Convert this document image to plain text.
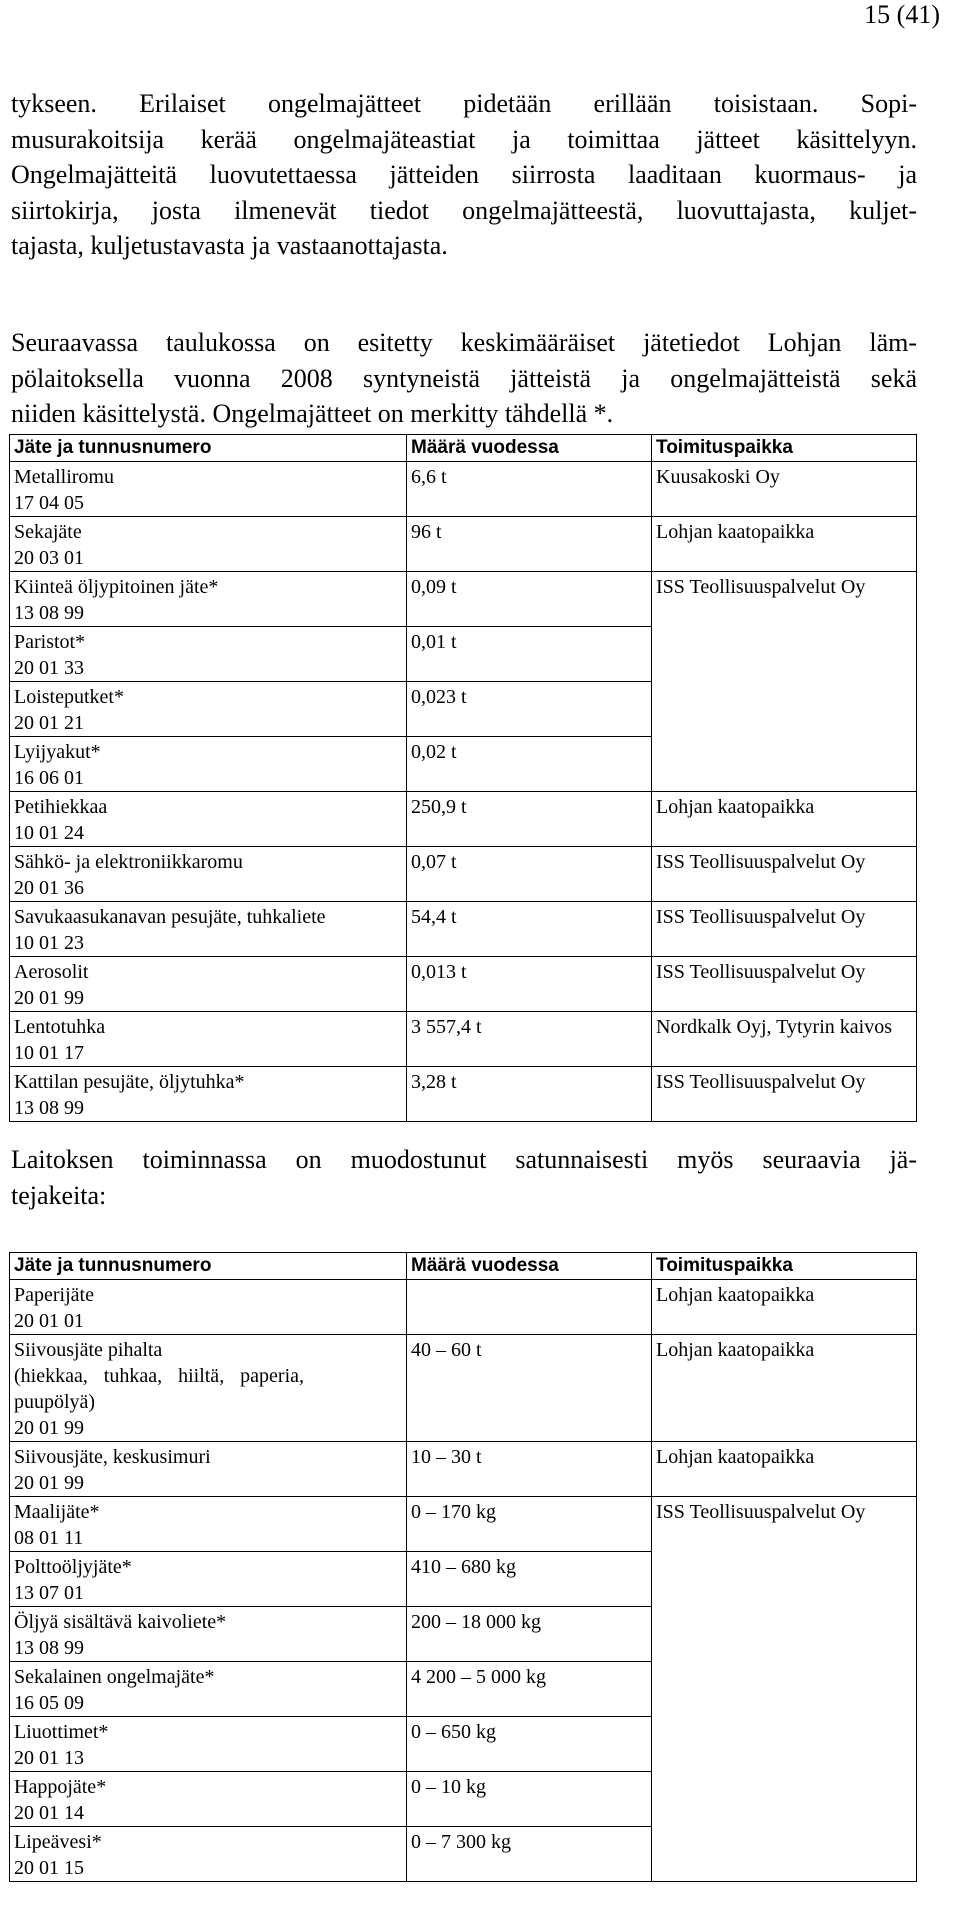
15 (41)
tykseen. Erilaiset ongelmajätteet pidetään erillään toisistaan. Sopi-
musurakoitsija kerää ongelmajäteastiat ja toimittaa jätteet käsittelyyn.
Ongelmajätteitä luovutettaessa jätteiden siirrosta laaditaan kuormaus- ja
siirtokirja, josta ilmenevät tiedot ongelmajätteestä, luovuttajasta, kuljet-
tajasta, kuljetustavasta ja vastaanottajasta.
Seuraavassa taulukossa on esitetty keskimääräiset jätetiedot Lohjan läm-
pölaitoksella vuonna 2008 syntyneistä jätteistä ja ongelmajätteistä sekä
niiden käsittelystä. Ongelmajätteet on merkitty tähdellä *.
Jäte ja tunnusnumero	Määrä vuodessa	Toimituspaikka

Metalliromu
17 04 05	6,6 t	Kuusakoski Oy

Sekajäte
20 03 01	96 t	Lohjan kaatopaikka

Kiinteä öljypitoinen jäte*
13 08 99	0,09 t	ISS Teollisuuspalvelut Oy

Paristot*
20 01 33	0,01 t	

Loisteputket*
20 01 21	0,023 t	

Lyijyakut*
16 06 01	0,02 t	

Petihiekkaa
10 01 24	250,9 t	Lohjan kaatopaikka

Sähkö- ja elektroniikkaromu
20 01 36	0,07 t	ISS Teollisuuspalvelut Oy

Savukaasukanavan pesujäte, tuhkaliete
10 01 23	54,4 t	ISS Teollisuuspalvelut Oy

Aerosolit
20 01 99	0,013 t	ISS Teollisuuspalvelut Oy

Lentotuhka
10 01 17	3 557,4 t	Nordkalk Oyj, Tytyrin kaivos

Kattilan pesujäte, öljytuhka*
13 08 99	3,28 t	ISS Teollisuuspalvelut Oy
Laitoksen toiminnassa on muodostunut satunnaisesti myös seuraavia jä-
tejakeita:
Jäte ja tunnusnumero	Määrä vuodessa	Toimituspaikka

Paperijäte
20 01 01		Lohjan kaatopaikka

Siivousjäte pihalta
(hiekkaa, tuhkaa, hiiltä, paperia, puupölyä)
20 01 99	40 – 60 t	Lohjan kaatopaikka

Siivousjäte, keskusimuri
20 01 99	10 – 30 t	Lohjan kaatopaikka

Maalijäte*
08 01 11	0 – 170 kg	ISS Teollisuuspalvelut Oy

Polttoöljyjäte*
13 07 01	410 – 680 kg	

Öljyä sisältävä kaivoliete*
13 08 99	200 – 18 000 kg	

Sekalainen ongelmajäte*
16 05 09	4 200 – 5 000 kg	

Liuottimet*
20 01 13	0 – 650 kg	

Happojäte*
20 01 14	0 – 10 kg	

Lipeävesi*
20 01 15	0 – 7 300 kg	
